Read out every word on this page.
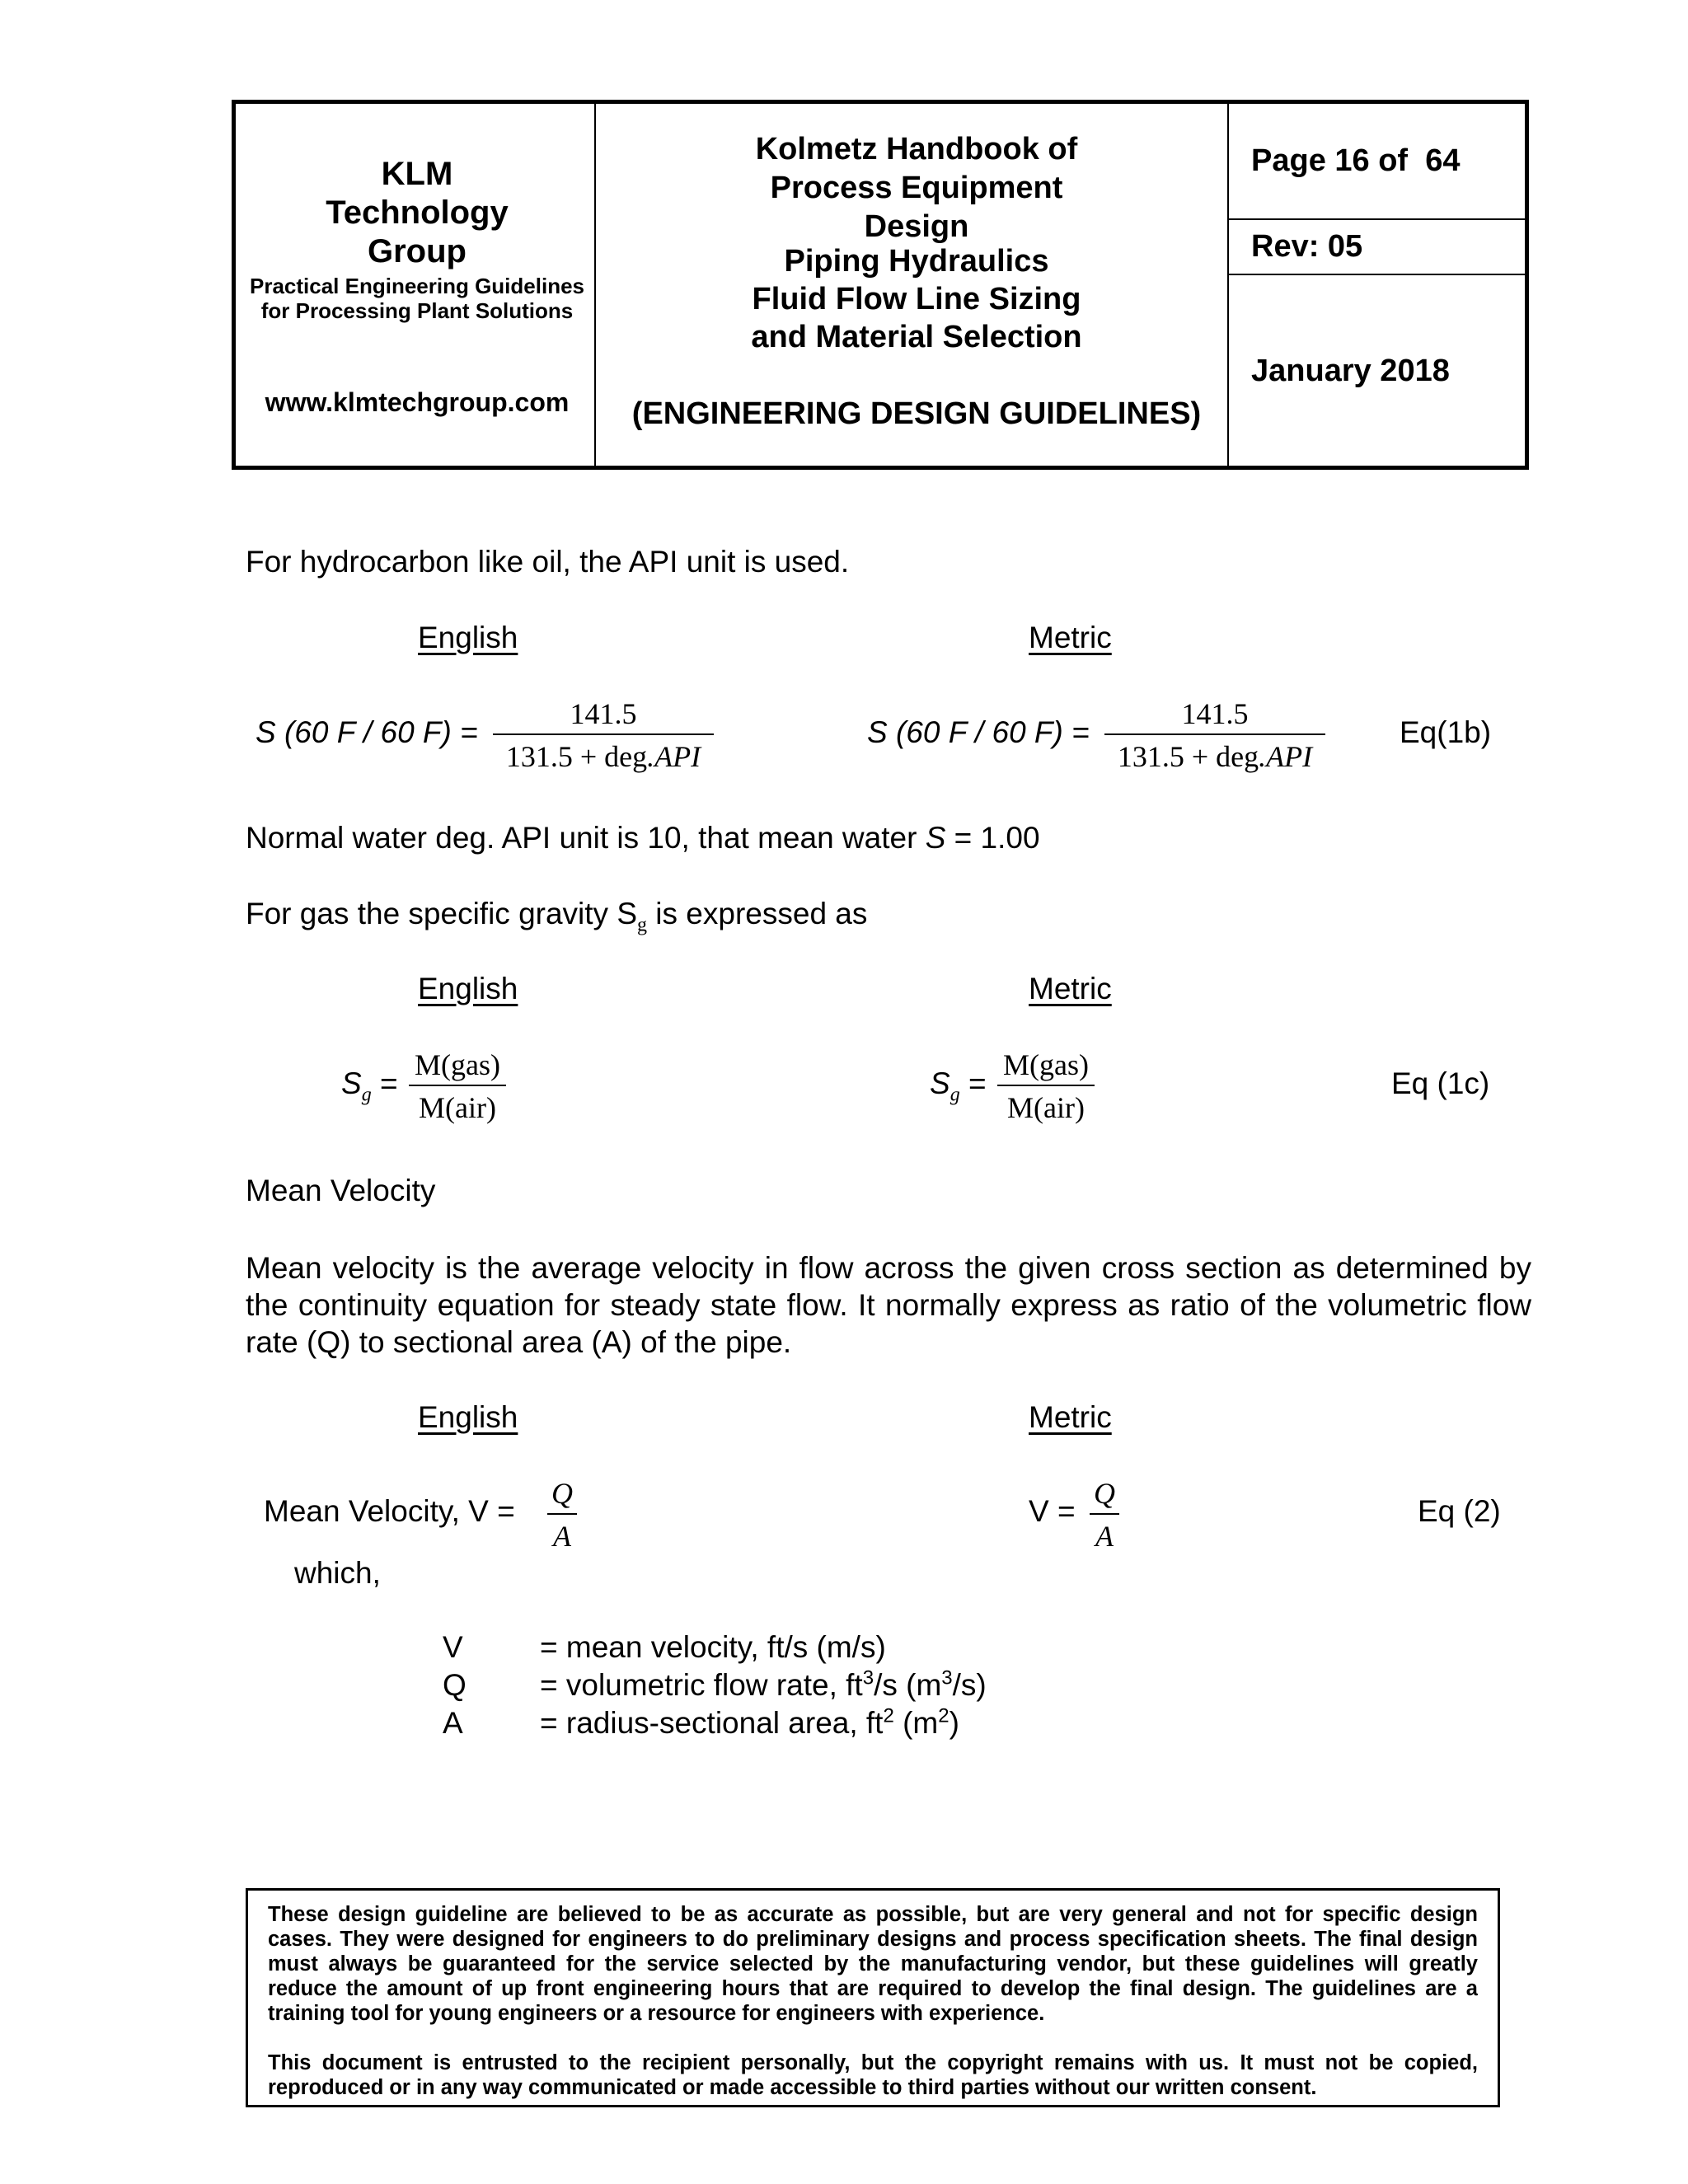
KLM Technology Group
Practical Engineering Guidelines for Processing Plant Solutions
www.klmtechgroup.com
Kolmetz Handbook of Process Equipment Design
Piping Hydraulics Fluid Flow Line Sizing and Material Selection
(ENGINEERING DESIGN GUIDELINES)
Page 16 of  64
Rev: 05
January 2018
For hydrocarbon like oil, the API unit is used.
English	Metric
S (60 F / 60 F) =
141.5
131.5 + deg.API
S (60 F / 60 F) =
141.5
131.5 + deg.API
Eq(1b)
Normal water deg. API unit is 10, that mean water S = 1.00
For gas the specific gravity $S_g$ is expressed as
English	Metric
$S_g$ =
M(gas)
M(air)
$S_g$ =
M(gas)
M(air)
Eq (1c)
Mean Velocity
Mean velocity is the average velocity in flow across the given cross section as determined by the continuity equation for steady state flow. It normally express as ratio of the volumetric flow rate (Q) to sectional area (A) of the pipe.
English	Metric
Mean Velocity, V =
Q
A
V =
Q
A
Eq (2)
which,
V	= mean velocity, ft/s (m/s)
Q = volumetric flow rate, $ft^3/s$ $(m^3/s)$
A	= radius-sectional area, $ft^2$ $(m^2)$

These design guideline are believed to be as accurate as possible, but are very general and not for specific design cases. They were designed for engineers to do preliminary designs and process specification sheets. The final design must always be guaranteed for the service selected by the manufacturing vendor, but these guidelines will greatly reduce the amount of up front engineering hours that are required to develop the final design. The guidelines are a training tool for young engineers or a resource for engineers with experience.

This document is entrusted to the recipient personally, but the copyright remains with us. It must not be copied, reproduced or in any way communicated or made accessible to third parties without our written consent.
